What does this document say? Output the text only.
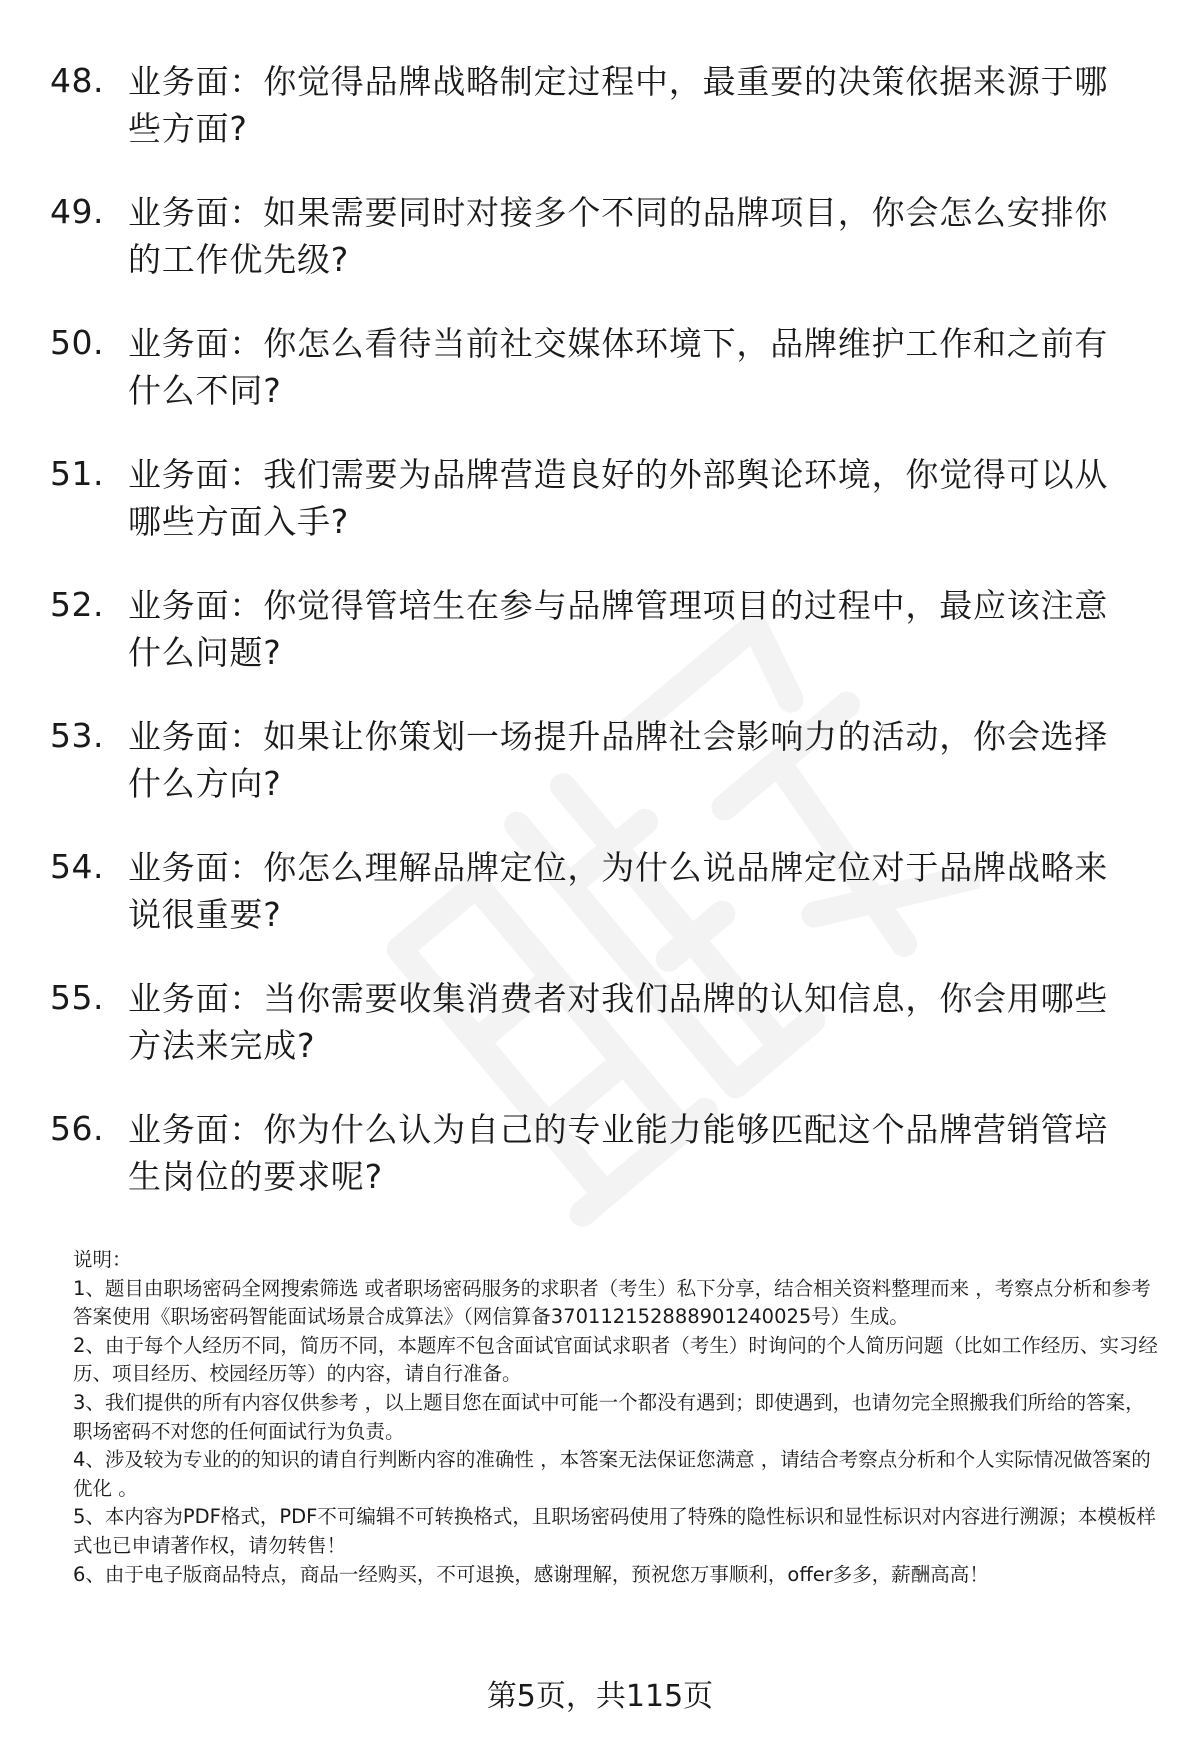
48. 业务面：你觉得品牌战略制定过程中，最重要的决策依据来源于哪些方面?
49. 业务面：如果需要同时对接多个不同的品牌项目，你会怎么安排你的工作优先级?
50. 业务面：你怎么看待当前社交媒体环境下，品牌维护工作和之前有什么不同?
51. 业务面：我们需要为品牌营造良好的外部舆论环境，你觉得可以从哪些方面入手?
52. 业务面：你觉得管培生在参与品牌管理项目的过程中，最应该注意什么问题?
53. 业务面：如果让你策划一场提升品牌社会影响力的活动，你会选择什么方向?
54. 业务面：你怎么理解品牌定位，为什么说品牌定位对于品牌战略来说很重要?
55. 业务面：当你需要收集消费者对我们品牌的认知信息，你会用哪些方法来完成?
56. 业务面：你为什么认为自己的专业能力能够匹配这个品牌营销管培生岗位的要求呢?

说明：

1、题目由职场密码全网搜索筛选 或者职场密码服务的求职者（考生）私下分享，结合相关资料整理而来 ，考察点分析和参考答案使用《职场密码智能面试场景合成算法》（网信算备370112152888901240025号）生成。

2、由于每个人经历不同，简历不同，本题库不包含面试官面试求职者（考生）时询问的个人简历问题（比如工作经历、实习经历、项目经历、校园经历等）的内容，请自行准备。

3、我们提供的所有内容仅供参考 ，以上题目您在面试中可能一个都没有遇到；即使遇到，也请勿完全照搬我们所给的答案，职场密码不对您的任何面试行为负责。

4、涉及较为专业的的知识的请自行判断内容的准确性 ，本答案无法保证您满意 ，请结合考察点分析和个人实际情况做答案的优化 。

5、本内容为PDF格式，PDF不可编辑不可转换格式，且职场密码使用了特殊的隐性标识和显性标识对内容进行溯源；本模板样式也已申请著作权，请勿转售！

6、由于电子版商品特点，商品一经购买，不可退换，感谢理解，预祝您万事顺利，offer多多，薪酬高高！

第5页，共115页
